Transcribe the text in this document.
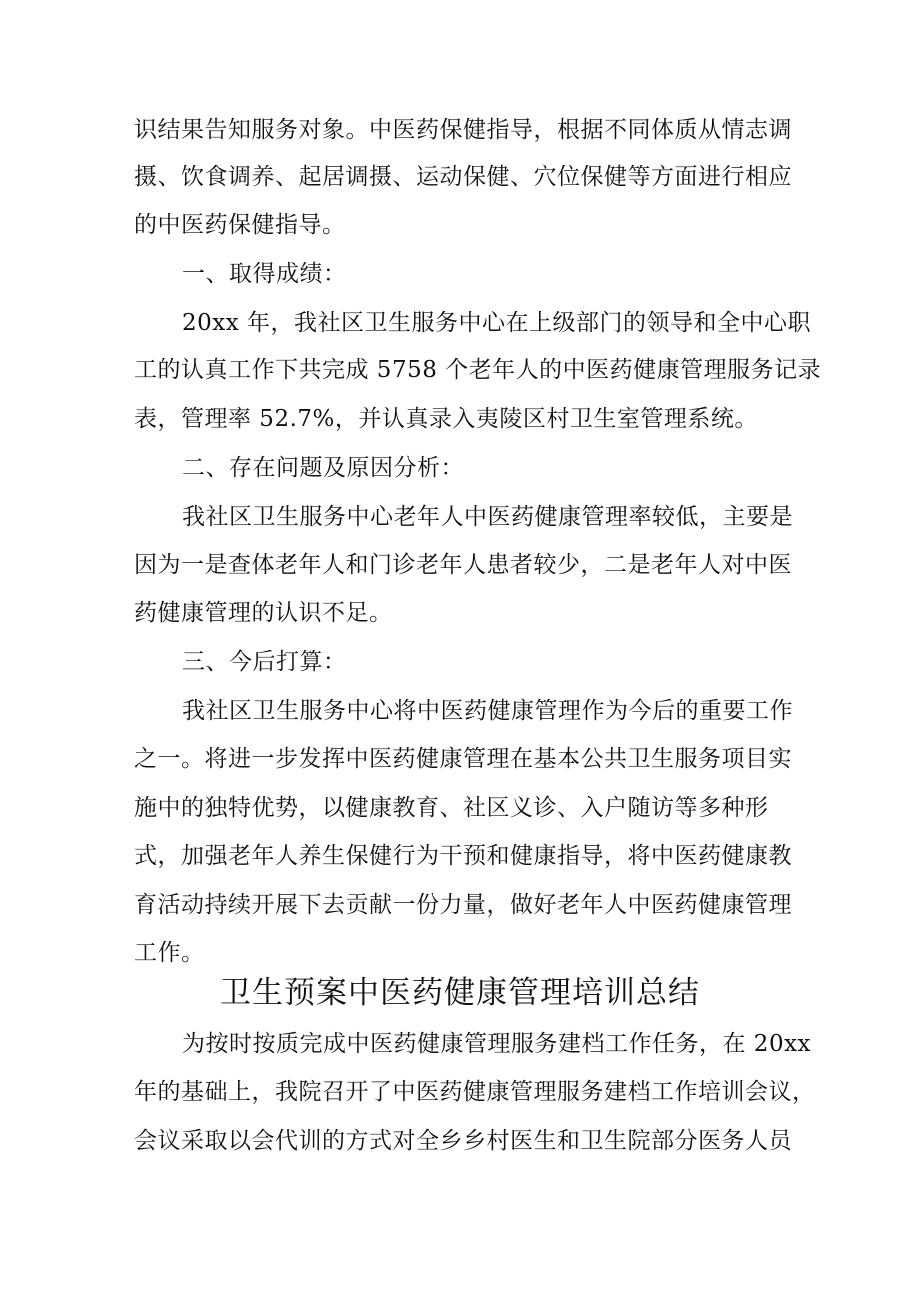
识结果告知服务对象。中医药保健指导，根据不同体质从情志调
摄、饮食调养、起居调摄、运动保健、穴位保健等方面进行相应
的中医药保健指导。
一、取得成绩：
20xx 年，我社区卫生服务中心在上级部门的领导和全中心职
工的认真工作下共完成 5758 个老年人的中医药健康管理服务记录
表，管理率 52.7%，并认真录入夷陵区村卫生室管理系统。
二、存在问题及原因分析：
我社区卫生服务中心老年人中医药健康管理率较低，主要是
因为一是查体老年人和门诊老年人患者较少，二是老年人对中医
药健康管理的认识不足。
三、今后打算：
我社区卫生服务中心将中医药健康管理作为今后的重要工作
之一。将进一步发挥中医药健康管理在基本公共卫生服务项目实
施中的独特优势，以健康教育、社区义诊、入户随访等多种形
式，加强老年人养生保健行为干预和健康指导，将中医药健康教
育活动持续开展下去贡献一份力量，做好老年人中医药健康管理
工作。
卫生预案中医药健康管理培训总结
为按时按质完成中医药健康管理服务建档工作任务，在 20xx
年的基础上，我院召开了中医药健康管理服务建档工作培训会议，
会议采取以会代训的方式对全乡乡村医生和卫生院部分医务人员
